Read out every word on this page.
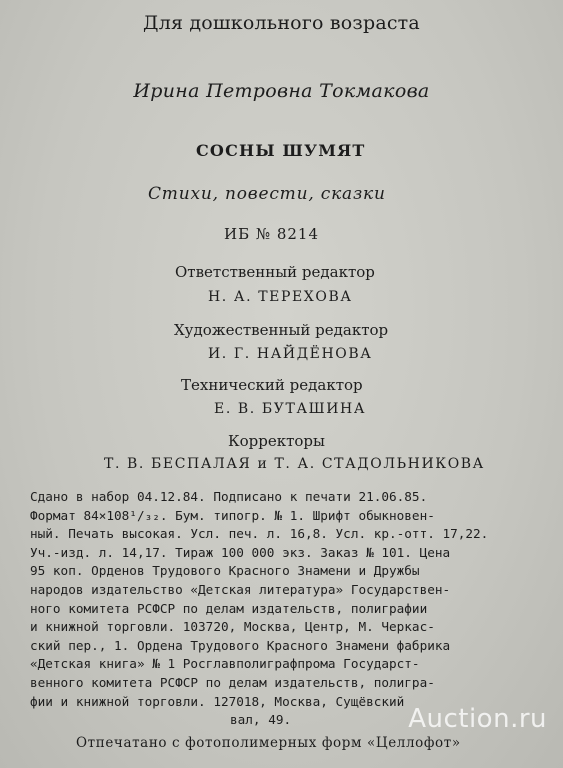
Для дошкольного возраста
Ирина Петровна Токмакова
СОСНЫ ШУМЯТ
Стихи, повести, сказки
ИБ № 8214
Ответственный редактор
Н. А. ТЕРЕХОВА
Художественный редактор
И. Г. НАЙДЁНОВА
Технический редактор
Е. В. БУТАШИНА
Корректоры
Т. В. БЕСПАЛАЯ и Т. А. СТАДОЛЬНИКОВА
Сдано в набор 04.12.84. Подписано к печати 21.06.85.
Формат 84×108¹/₃₂. Бум. типогр. № 1. Шрифт обыкновен-
ный. Печать высокая. Усл. печ. л. 16,8. Усл. кр.-отт. 17,22.
Уч.-изд. л. 14,17. Тираж 100 000 экз. Заказ № 101. Цена
95 коп. Орденов Трудового Красного Знамени и Дружбы
народов издательство «Детская литература» Государствен-
ного комитета РСФСР по делам издательств, полиграфии
и книжной торговли. 103720, Москва, Центр, М. Черкас-
ский пер., 1. Ордена Трудового Красного Знамени фабрика
«Детская книга» № 1 Росглавполиграфпрома Государст-
венного комитета РСФСР по делам издательств, полигра-
фии и книжной торговли. 127018, Москва, Сущёвский
вал, 49.
Отпечатано с фотополимерных форм «Целлофот»
Auction.ru
